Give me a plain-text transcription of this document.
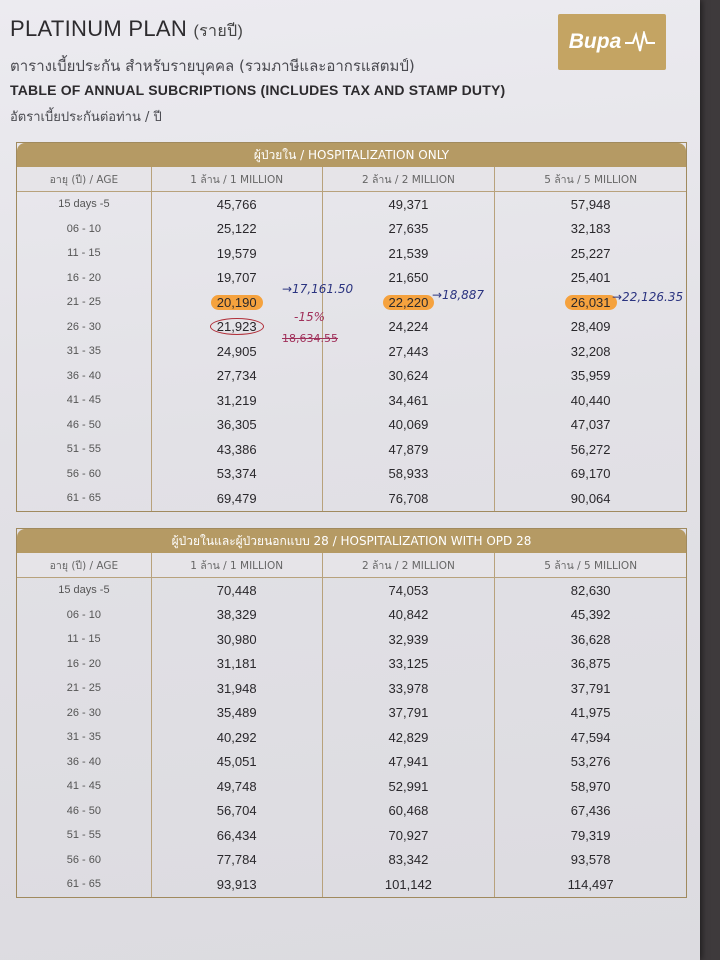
PLATINUM PLAN (รายปี)	Bupa
ตารางเบี้ยประกัน สำหรับรายบุคคล (รวมภาษีและอากรแสตมป์)
TABLE OF ANNUAL SUBCRIPTIONS (INCLUDES TAX AND STAMP DUTY)
อัตราเบี้ยประกันต่อท่าน / ปี
ผู้ป่วยใน / HOSPITALIZATION ONLY
อายุ (ปี) / AGE	1 ล้าน / 1 MILLION	2 ล้าน / 2 MILLION	5 ล้าน / 5 MILLION
15 days -5	45,766	49,371	57,948
06 - 10	25,122	27,635	32,183
11 - 15	19,579	21,539	25,227
16 - 20	19,707	21,650	25,401
21 - 25	20,190	22,220	26,031
26 - 30	21,923	24,224	28,409
31 - 35	24,905	27,443	32,208
36 - 40	27,734	30,624	35,959
41 - 45	31,219	34,461	40,440
46 - 50	36,305	40,069	47,037
51 - 55	43,386	47,879	56,272
56 - 60	53,374	58,933	69,170
61 - 65	69,479	76,708	90,064
ผู้ป่วยในและผู้ป่วยนอกแบบ 28 / HOSPITALIZATION WITH OPD 28
อายุ (ปี) / AGE	1 ล้าน / 1 MILLION	2 ล้าน / 2 MILLION	5 ล้าน / 5 MILLION
15 days -5	70,448	74,053	82,630
06 - 10	38,329	40,842	45,392
11 - 15	30,980	32,939	36,628
16 - 20	31,181	33,125	36,875
21 - 25	31,948	33,978	37,791
26 - 30	35,489	37,791	41,975
31 - 35	40,292	42,829	47,594
36 - 40	45,051	47,941	53,276
41 - 45	49,748	52,991	58,970
46 - 50	56,704	60,468	67,436
51 - 55	66,434	70,927	79,319
56 - 60	77,784	83,342	93,578
61 - 65	93,913	101,142	114,497
→17,161.50	→18,887	→22,126.35
-15%
18,634.55
